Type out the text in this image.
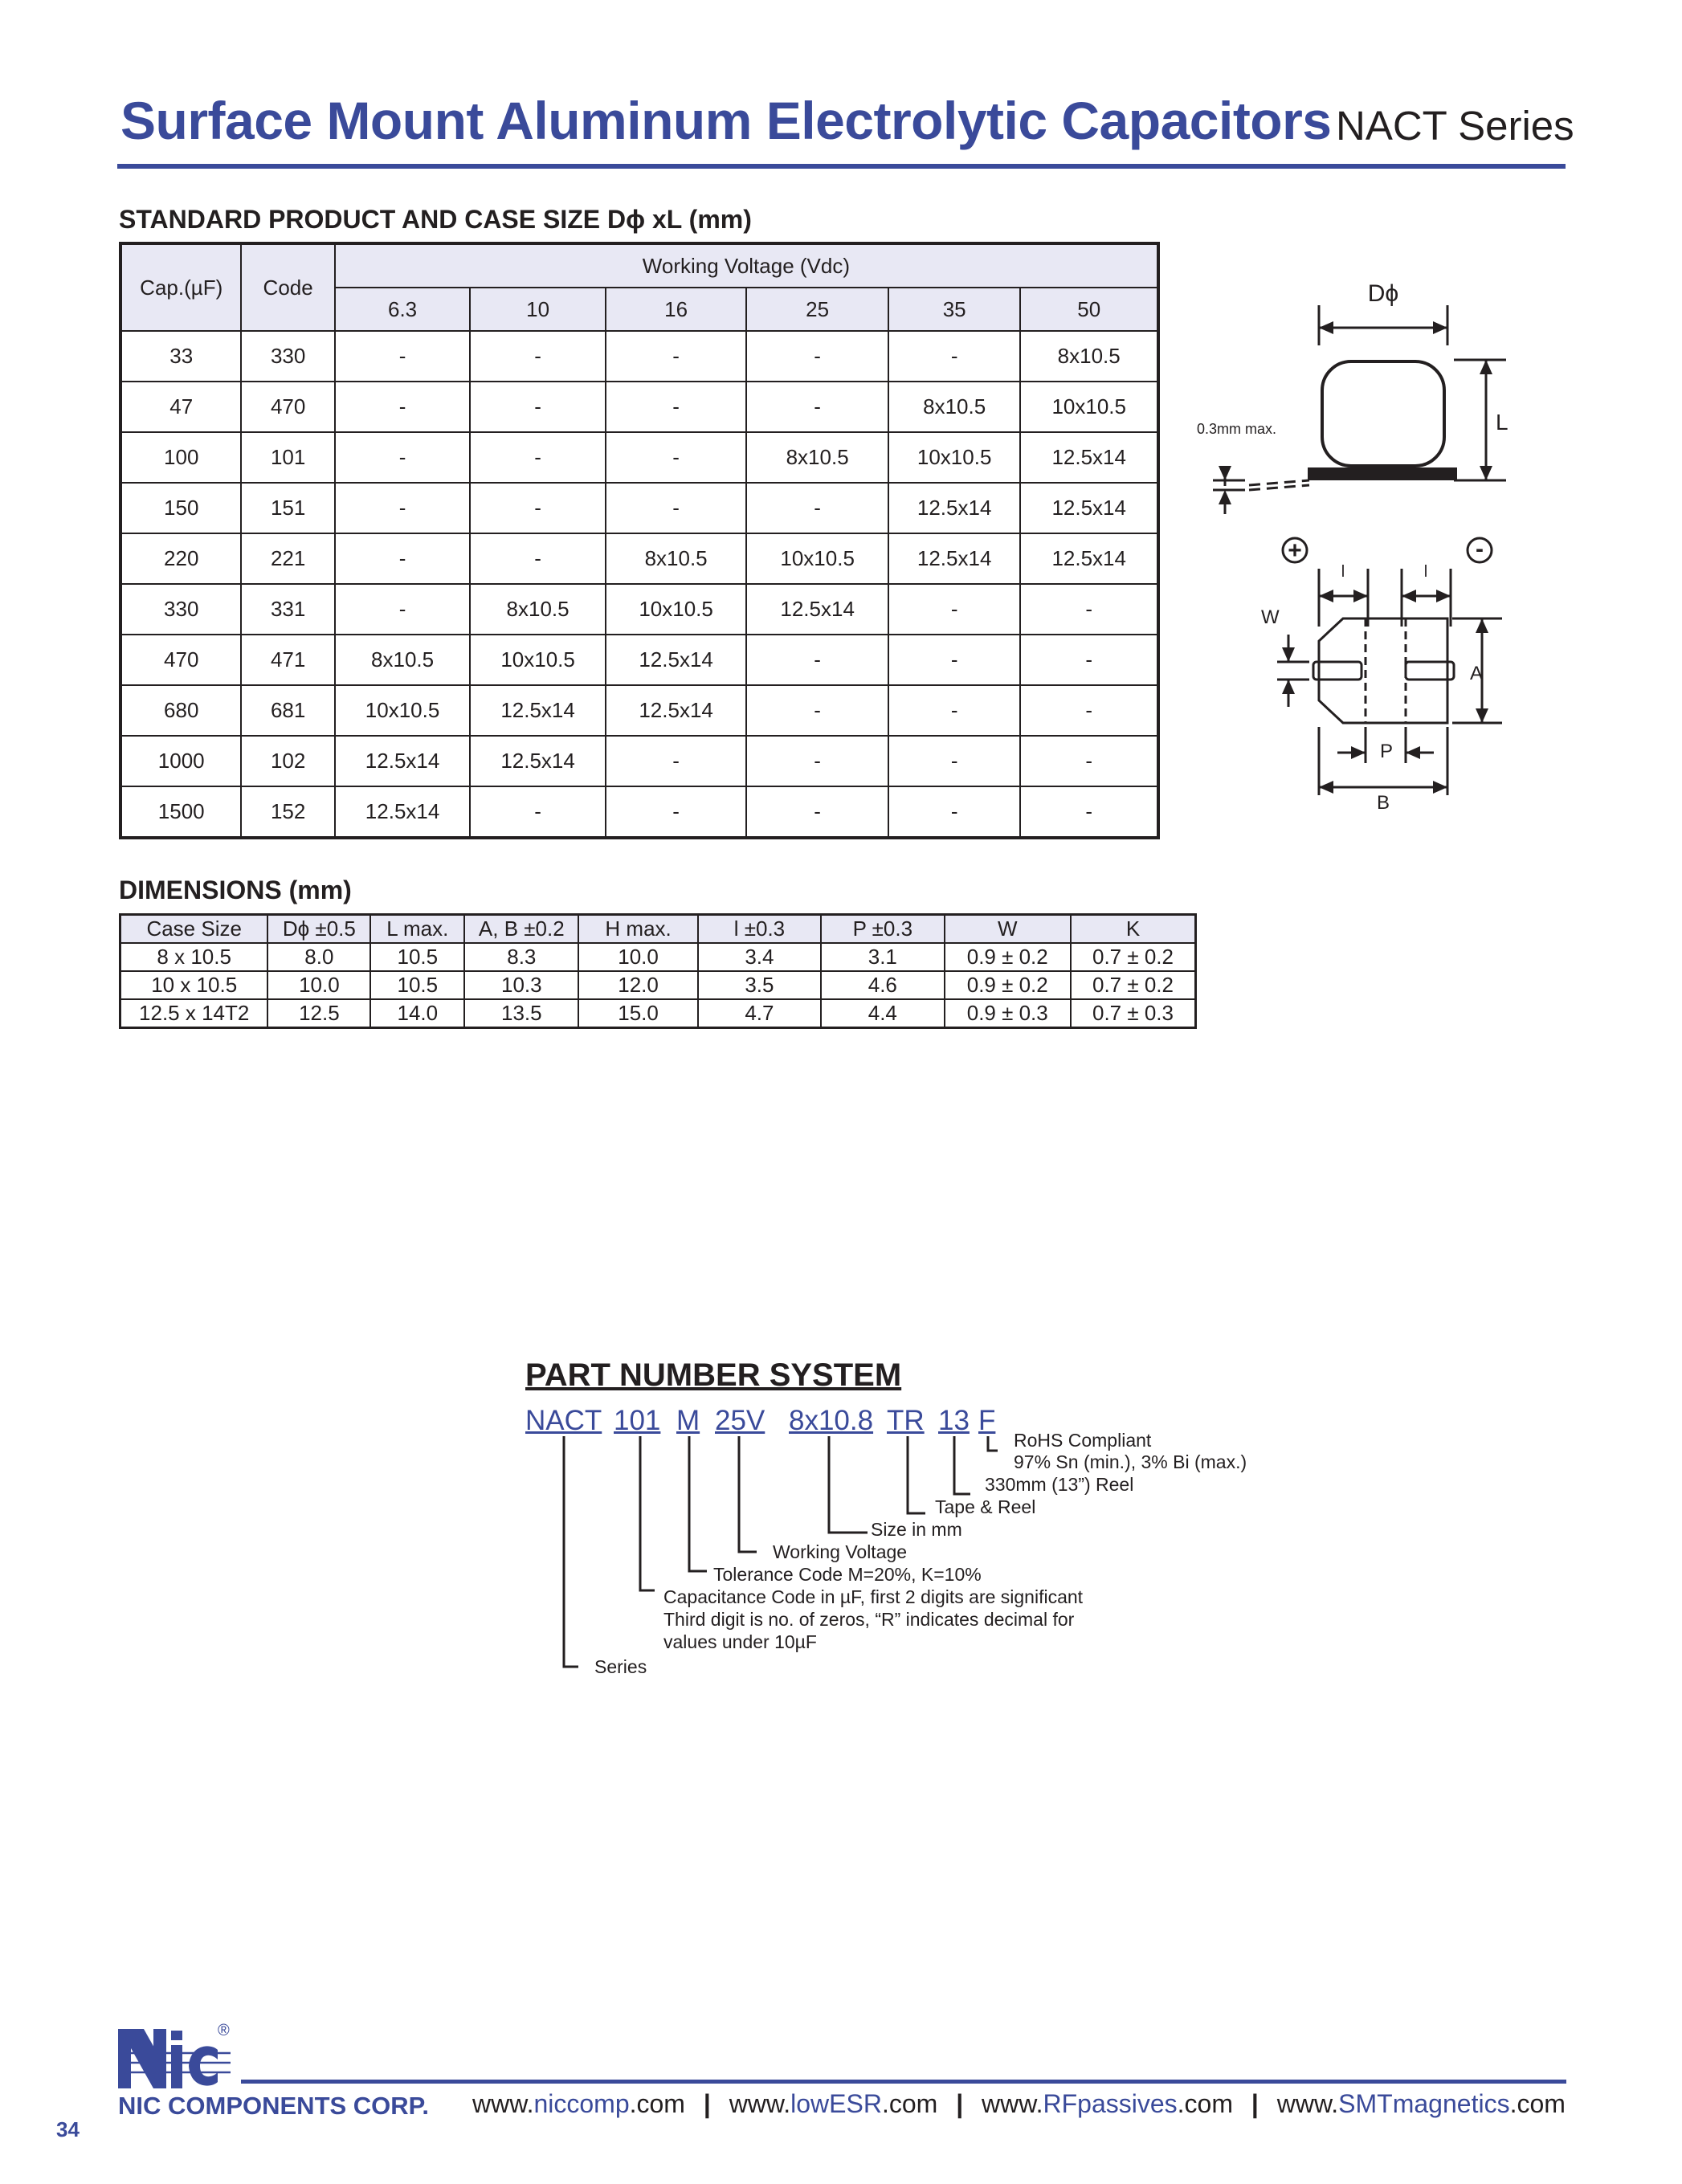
Surface Mount Aluminum Electrolytic Capacitors NACT Series
STANDARD PRODUCT AND CASE SIZE Dϕ xL (mm)
Cap.(µF)	Code	Working Voltage (Vdc)					
		6.3	10	16	25	35	50
33	330	-	-	-	-	-	8x10.5
47	470	-	-	-	-	8x10.5	10x10.5
100	101	-	-	-	8x10.5	10x10.5	12.5x14
150	151	-	-	-	-	12.5x14	12.5x14
220	221	-	-	8x10.5	10x10.5	12.5x14	12.5x14
330	331	-	8x10.5	10x10.5	12.5x14	-	-
470	471	8x10.5	10x10.5	12.5x14	-	-	-
680	681	10x10.5	12.5x14	12.5x14	-	-	-
1000	102	12.5x14	12.5x14	-	-	-	-
1500	152	12.5x14	-	-	-	-	-
DIMENSIONS (mm)
Case Size	Dϕ ±0.5	L max.	A, B ±0.2	H max.	l ±0.3	P ±0.3	W	K
8 x 10.5	8.0	10.5	8.3	10.0	3.4	3.1	0.9 ± 0.2	0.7 ± 0.2
10 x 10.5	10.0	10.5	10.3	12.0	3.5	4.6	0.9 ± 0.2	0.7 ± 0.2
12.5 x 14T2	12.5	14.0	13.5	15.0	4.7	4.4	0.9 ± 0.3	0.7 ± 0.3
Dϕ
L
0.3mm max.
+	-
l	l
W
A
P
B
PART NUMBER SYSTEM
NACT 101 M 25V 8x10.8 TR 13 F
RoHS Compliant
97% Sn (min.), 3% Bi (max.)
330mm (13”) Reel
Tape & Reel
Size in mm
Working Voltage
Tolerance Code M=20%, K=10%
Capacitance Code in µF, first 2 digits are significant
Third digit is no. of zeros, “R” indicates decimal for
values under 10µF
Series
®
NIC COMPONENTS CORP. www.niccomp.com | www.lowESR.com | www.RFpassives.com | www.SMTmagnetics.com
34
